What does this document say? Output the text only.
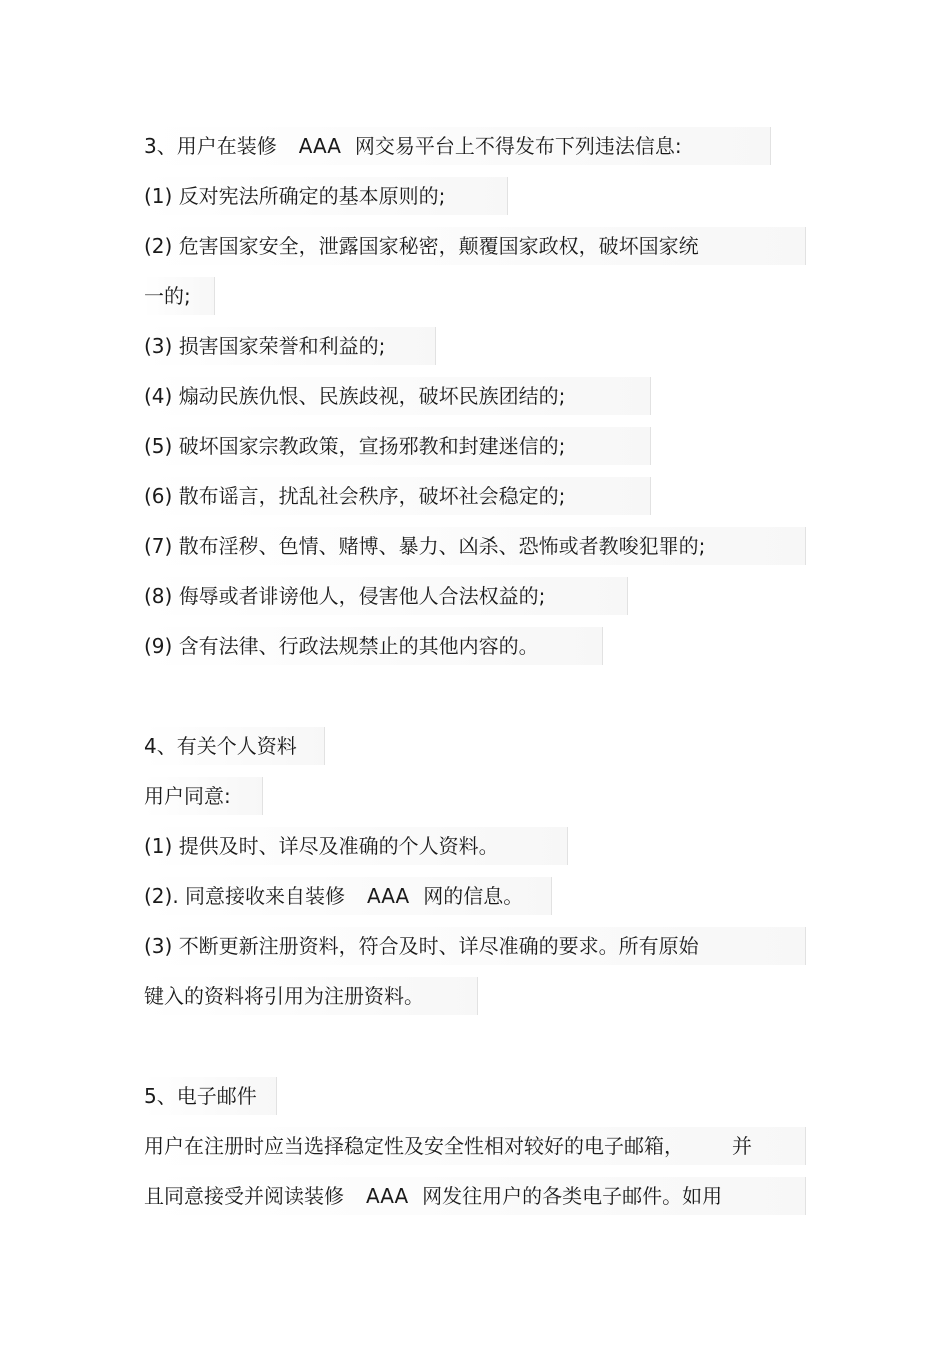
3、用户在装修 AAA 网交易平台上不得发布下列违法信息:
(1) 反对宪法所确定的基本原则的;
(2) 危害国家安全，泄露国家秘密，颠覆国家政权，破坏国家统
一的;
(3) 损害国家荣誉和利益的;
(4) 煽动民族仇恨、民族歧视，破坏民族团结的;
(5) 破坏国家宗教政策，宣扬邪教和封建迷信的;
(6) 散布谣言，扰乱社会秩序，破坏社会稳定的;
(7) 散布淫秽、色情、赌博、暴力、凶杀、恐怖或者教唆犯罪的;
(8) 侮辱或者诽谤他人，侵害他人合法权益的;
(9) 含有法律、行政法规禁止的其他内容的。
4、有关个人资料
用户同意:
(1) 提供及时、详尽及准确的个人资料。
(2). 同意接收来自装修 AAA 网的信息。
(3) 不断更新注册资料，符合及时、详尽准确的要求。所有原始
键入的资料将引用为注册资料。
5、电子邮件
用户在注册时应当选择稳定性及安全性相对较好的电子邮箱， 并
且同意接受并阅读装修 AAA 网发往用户的各类电子邮件。如用
